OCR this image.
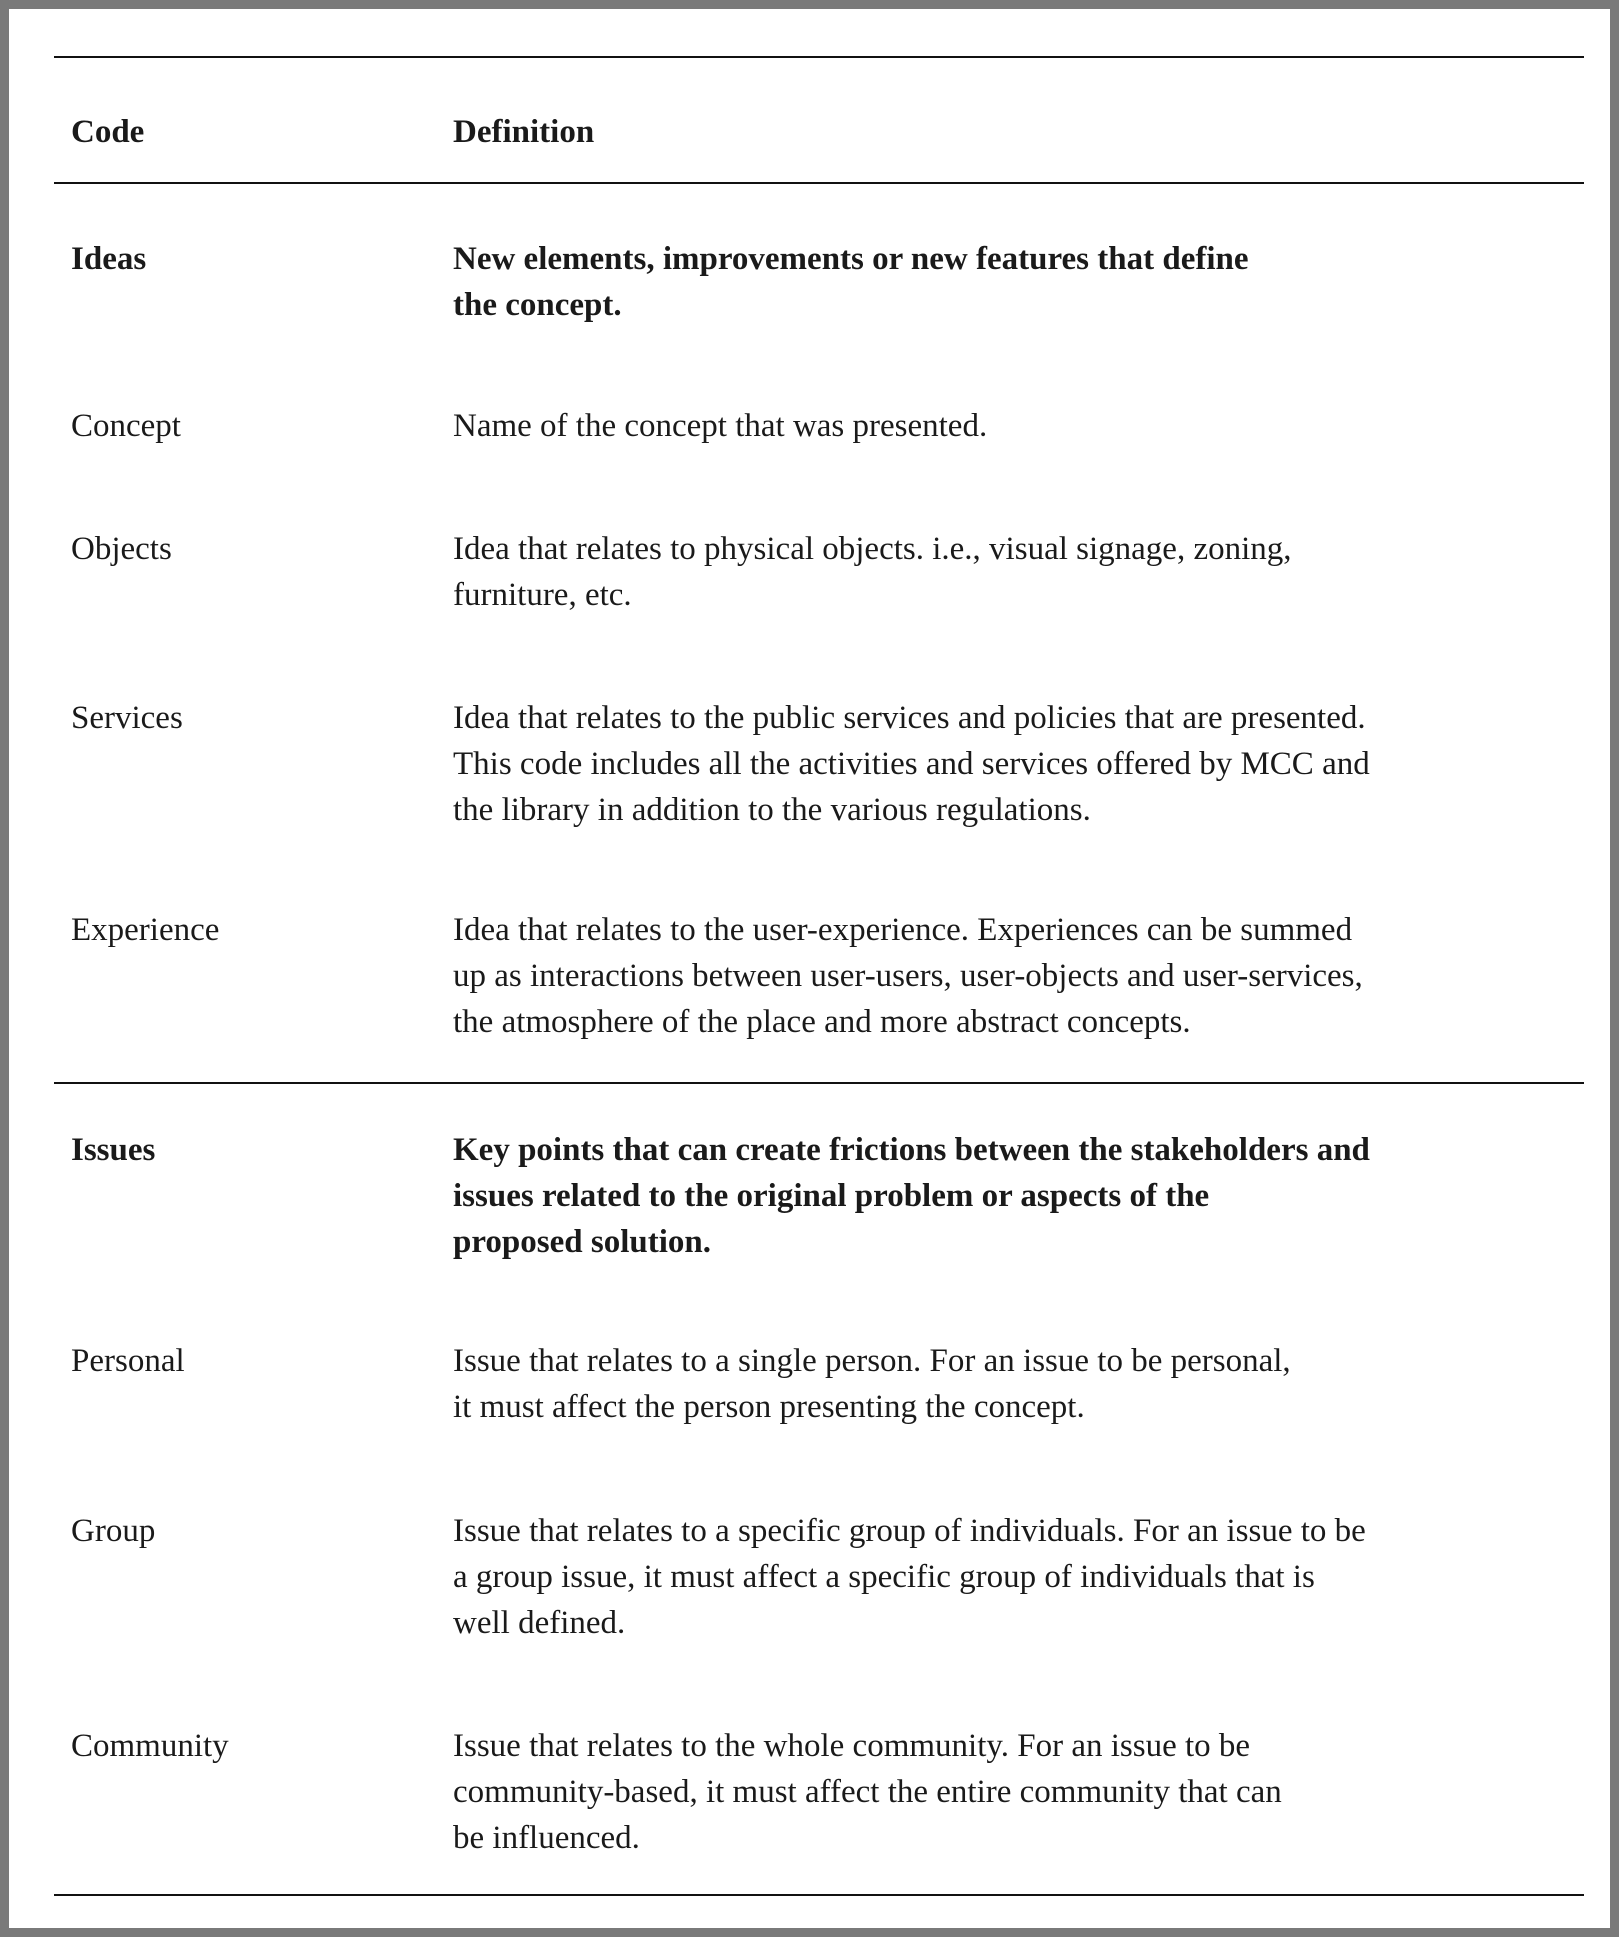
Code	Definition
Ideas	New elements, improvements or new features that define
the concept.
Concept	Name of the concept that was presented.
Objects	Idea that relates to physical objects. i.e., visual signage, zoning,
furniture, etc.
Services	Idea that relates to the public services and policies that are presented.
This code includes all the activities and services offered by MCC and
the library in addition to the various regulations.
Experience	Idea that relates to the user-experience. Experiences can be summed
up as interactions between user-users, user-objects and user-services,
the atmosphere of the place and more abstract concepts.
Issues	Key points that can create frictions between the stakeholders and
issues related to the original problem or aspects of the
proposed solution.
Personal	Issue that relates to a single person. For an issue to be personal,
it must affect the person presenting the concept.
Group	Issue that relates to a specific group of individuals. For an issue to be
a group issue, it must affect a specific group of individuals that is
well defined.
Community	Issue that relates to the whole community. For an issue to be
community-based, it must affect the entire community that can
be influenced.
